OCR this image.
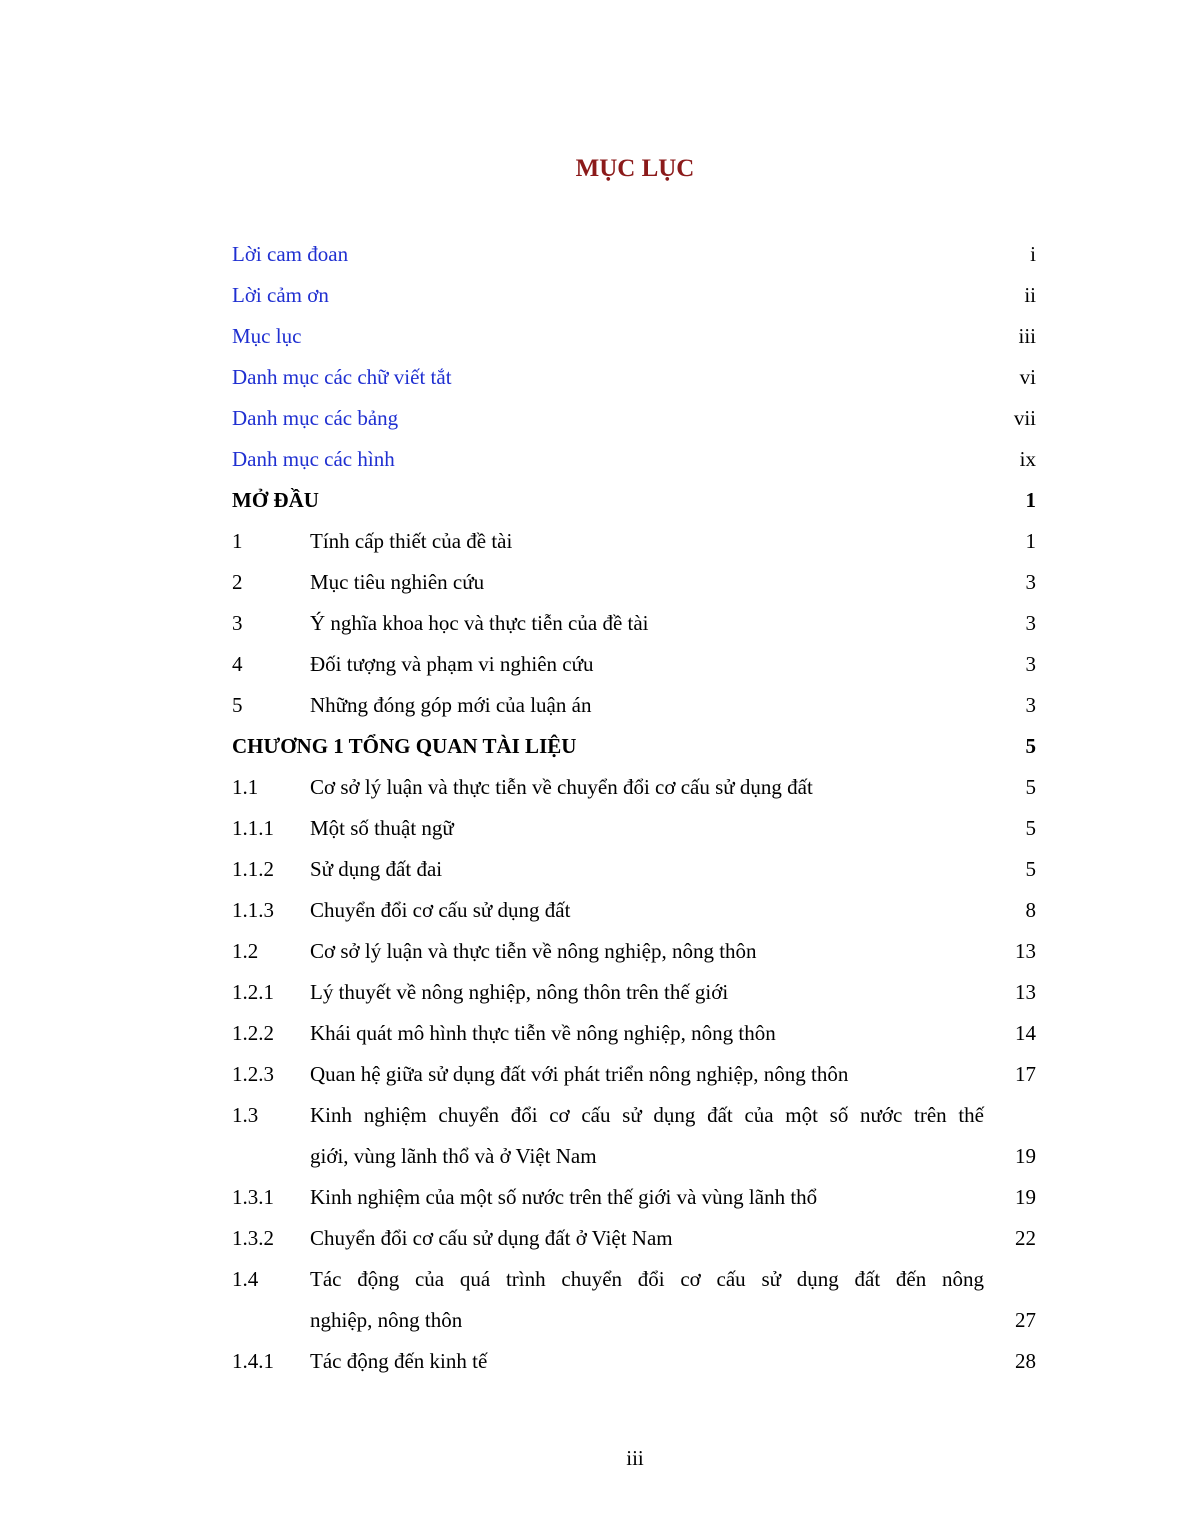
MỤC LỤC
Lời cam đoan	i
Lời cảm ơn	ii
Mục lục	iii
Danh mục các chữ viết tắt	vi
Danh mục các bảng	vii
Danh mục các hình	ix
MỞ ĐẦU	1
1	Tính cấp thiết của đề tài	1
2	Mục tiêu nghiên cứu	3
3	Ý nghĩa khoa học và thực tiễn của đề tài	3
4	Đối tượng và phạm vi nghiên cứu	3
5	Những đóng góp mới của luận án	3
CHƯƠNG 1 TỔNG QUAN TÀI LIỆU	5
1.1 Cơ sở lý luận và thực tiễn về chuyển đổi cơ cấu sử dụng đất	5
1.1.1 Một số thuật ngữ	5
1.1.2 Sử dụng đất đai	5
1.1.3 Chuyển đổi cơ cấu sử dụng đất	8
1.2 Cơ sở lý luận và thực tiễn về nông nghiệp, nông thôn	13
1.2.1 Lý thuyết về nông nghiệp, nông thôn trên thế giới	13
1.2.2 Khái quát mô hình thực tiễn về nông nghiệp, nông thôn	14
1.2.3 Quan hệ giữa sử dụng đất với phát triển nông nghiệp, nông thôn	17
1.3 Kinh nghiệm chuyển đổi cơ cấu sử dụng đất của một số nước trên thế
giới, vùng lãnh thổ và ở Việt Nam	19
1.3.1 Kinh nghiệm của một số nước trên thế giới và vùng lãnh thổ	19
1.3.2 Chuyển đổi cơ cấu sử dụng đất ở Việt Nam	22
1.4 Tác động của quá trình chuyển đổi cơ cấu sử dụng đất đến nông
nghiệp, nông thôn	27
1.4.1 Tác động đến kinh tế	28
iii
